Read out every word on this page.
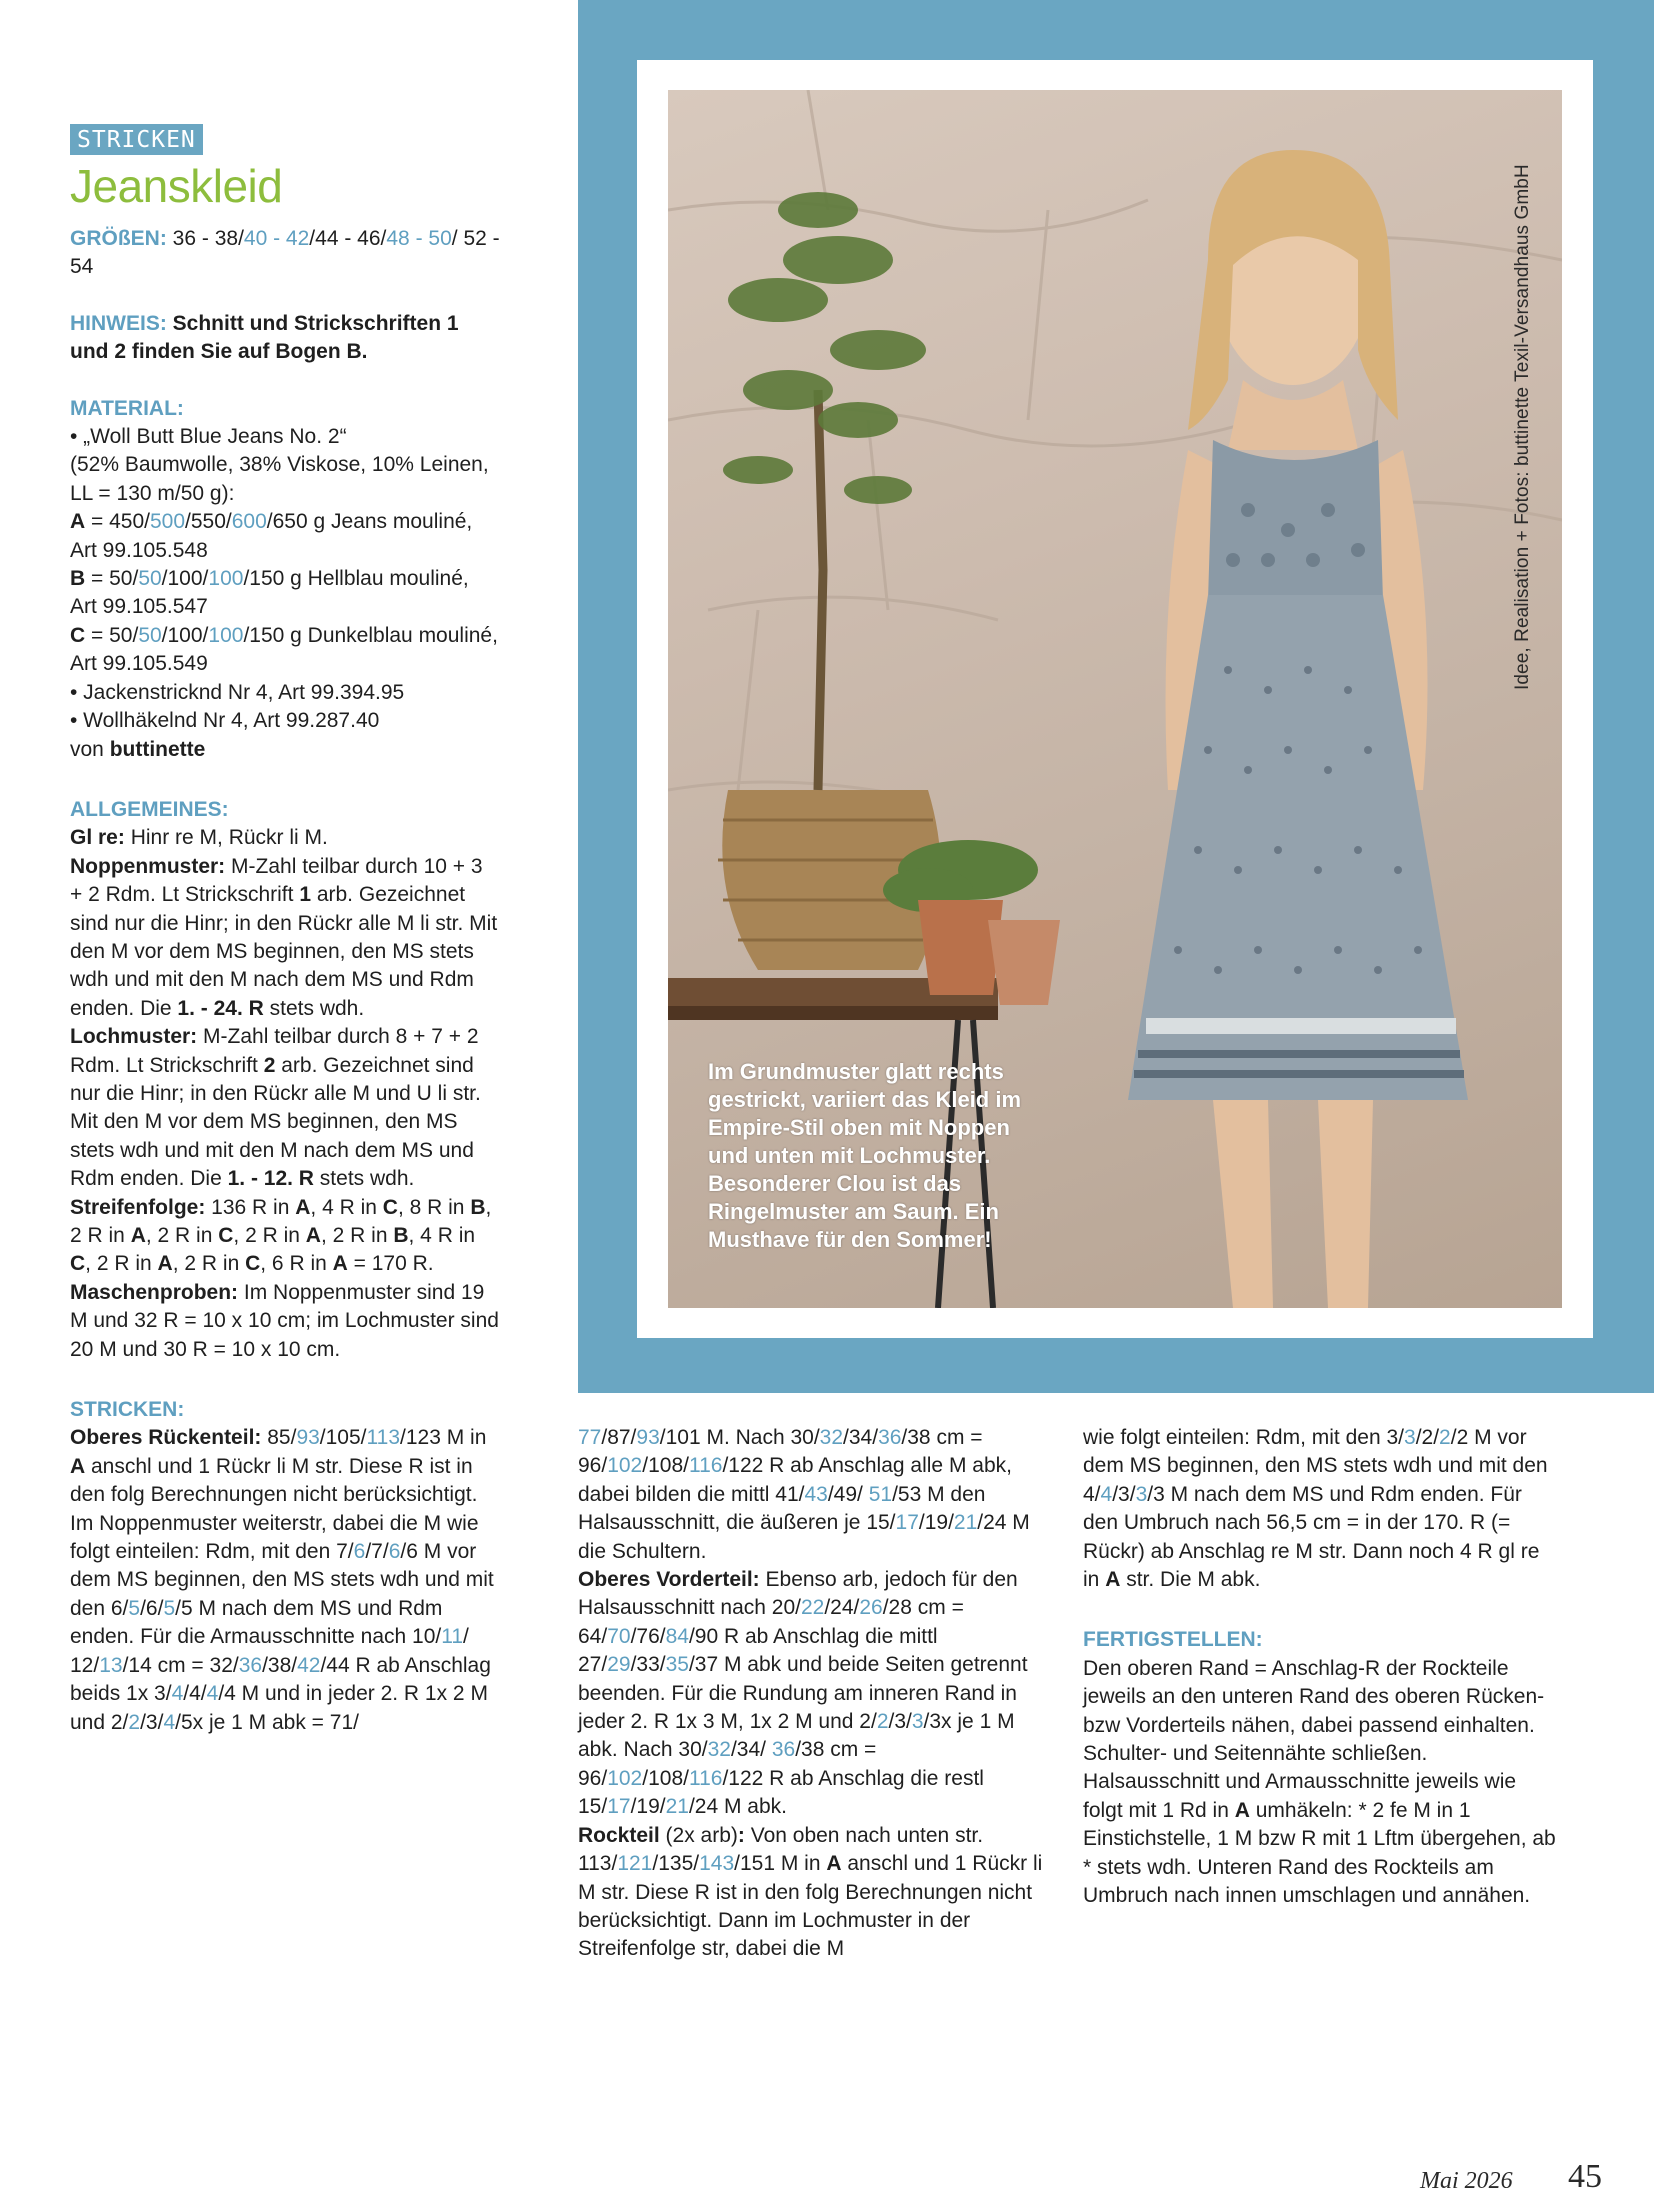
Idee, Realisation + Fotos: buttinette Texil-Versandhaus GmbH
Im Grundmuster glatt rechts gestrickt, variiert das Kleid im Empire-Stil oben mit Noppen und unten mit Lochmuster. Besonderer Clou ist das Ringelmuster am Saum. Ein Musthave für den Sommer!
STRICKEN
Jeanskleid

GRÖßEN: 36 - 38/40 - 42/44 - 46/48 - 50/ 52 - 54

HINWEIS: Schnitt und Strickschriften 1 und 2 finden Sie auf Bogen B.

MATERIAL:

• „Woll Butt Blue Jeans No. 2“

(52% Baumwolle, 38% Viskose, 10% Leinen, LL = 130 m/50 g):

A = 450/500/550/600/650 g Jeans mouliné, Art 99.105.548

B = 50/50/100/100/150 g Hellblau mouliné, Art 99.105.547

C = 50/50/100/100/150 g Dunkelblau mouliné, Art 99.105.549

• Jackenstricknd Nr 4, Art 99.394.95

• Wollhäkelnd Nr 4, Art 99.287.40

von buttinette

ALLGEMEINES:

Gl re: Hinr re M, Rückr li M.

Noppenmuster: M-Zahl teilbar durch 10 + 3 + 2 Rdm. Lt Strickschrift 1 arb. Gezeichnet sind nur die Hinr; in den Rückr alle M li str. Mit den M vor dem MS beginnen, den MS stets wdh und mit den M nach dem MS und Rdm enden. Die 1. - 24. R stets wdh.

Lochmuster: M-Zahl teilbar durch 8 + 7 + 2 Rdm. Lt Strickschrift 2 arb. Gezeichnet sind nur die Hinr; in den Rückr alle M und U li str. Mit den M vor dem MS beginnen, den MS stets wdh und mit den M nach dem MS und Rdm enden. Die 1. - 12. R stets wdh.

Streifenfolge: 136 R in A, 4 R in C, 8 R in B, 2 R in A, 2 R in C, 2 R in A, 2 R in B, 4 R in C, 2 R in A, 2 R in C, 6 R in A = 170 R.

Maschenproben: Im Noppenmuster sind 19 M und 32 R = 10 x 10 cm; im Lochmuster sind 20 M und 30 R = 10 x 10 cm.

STRICKEN:

Oberes Rückenteil: 85/93/105/113/123 M in A anschl und 1 Rückr li M str. Diese R ist in den folg Berechnungen nicht berücksichtigt. Im Noppenmuster weiterstr, dabei die M wie folgt einteilen: Rdm, mit den 7/6/7/6/6 M vor dem MS beginnen, den MS stets wdh und mit den 6/5/6/5/5 M nach dem MS und Rdm enden. Für die Armausschnitte nach 10/11/ 12/13/14 cm = 32/36/38/42/44 R ab Anschlag beids 1x 3/4/4/4/4 M und in jeder 2. R 1x 2 M und 2/2/3/4/5x je 1 M abk = 71/

77/87/93/101 M. Nach 30/32/34/36/38 cm = 96/102/108/116/122 R ab Anschlag alle M abk, dabei bilden die mittl 41/43/49/ 51/53 M den Halsausschnitt, die äußeren je 15/17/19/21/24 M die Schultern.

Oberes Vorderteil: Ebenso arb, jedoch für den Halsausschnitt nach 20/22/24/26/28 cm = 64/70/76/84/90 R ab Anschlag die mittl 27/29/33/35/37 M abk und beide Seiten getrennt beenden. Für die Rundung am inneren Rand in jeder 2. R 1x 3 M, 1x 2 M und 2/2/3/3/3x je 1 M abk. Nach 30/32/34/ 36/38 cm = 96/102/108/116/122 R ab Anschlag die restl 15/17/19/21/24 M abk.

Rockteil (2x arb): Von oben nach unten str. 113/121/135/143/151 M in A anschl und 1 Rückr li M str. Diese R ist in den folg Berechnungen nicht berücksichtigt. Dann im Lochmuster in der Streifenfolge str, dabei die M

wie folgt einteilen: Rdm, mit den 3/3/2/2/2 M vor dem MS beginnen, den MS stets wdh und mit den 4/4/3/3/3 M nach dem MS und Rdm enden. Für den Umbruch nach 56,5 cm = in der 170. R (= Rückr) ab Anschlag re M str. Dann noch 4 R gl re in A str. Die M abk.

FERTIGSTELLEN:

Den oberen Rand = Anschlag-R der Rockteile jeweils an den unteren Rand des oberen Rücken- bzw Vorderteils nähen, dabei passend einhalten. Schulter- und Seitennähte schließen. Halsausschnitt und Armausschnitte jeweils wie folgt mit 1 Rd in A umhäkeln: * 2 fe M in 1 Einstichstelle, 1 M bzw R mit 1 Lftm übergehen, ab * stets wdh. Unteren Rand des Rockteils am Umbruch nach innen umschlagen und annähen.

Mai 2026 45
